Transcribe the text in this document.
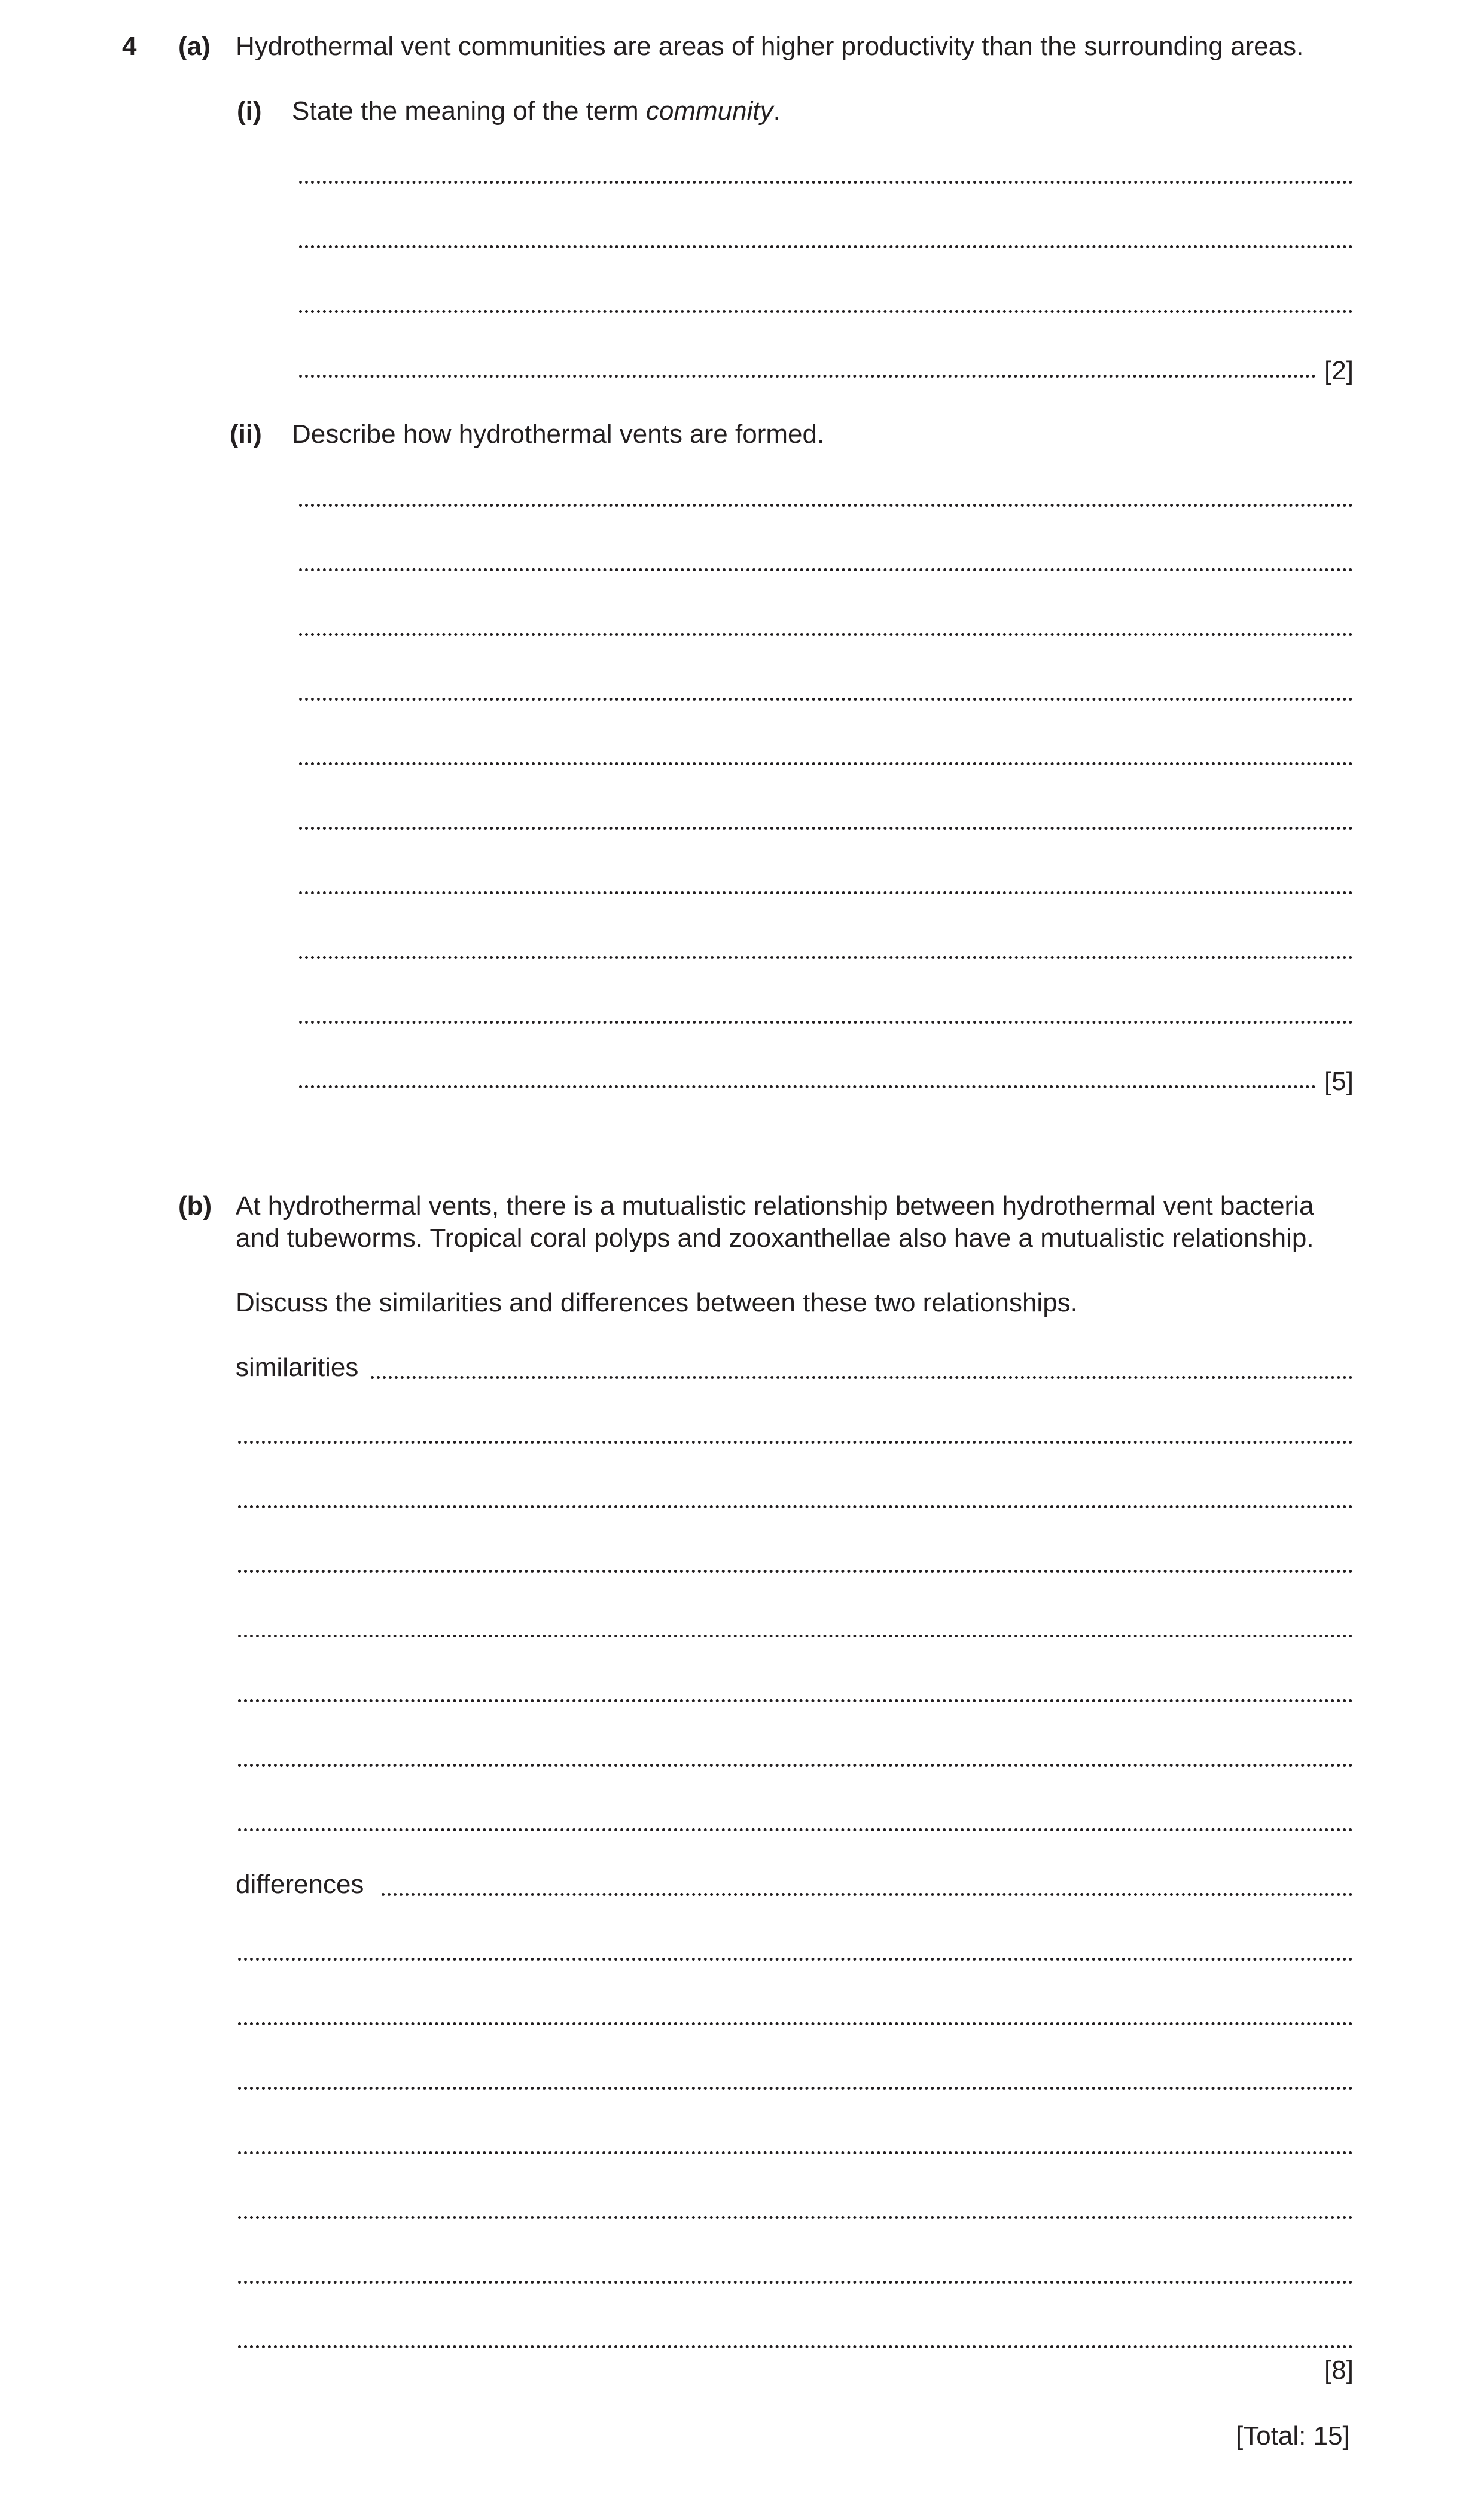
4 (a) Hydrothermal vent communities are areas of higher productivity than the surrounding areas.
(i) State the meaning of the term community.
[2]
(ii) Describe how hydrothermal vents are formed.
[5]
(b) At hydrothermal vents, there is a mutualistic relationship between hydrothermal vent bacteria
and tubeworms. Tropical coral polyps and zooxanthellae also have a mutualistic relationship.
Discuss the similarities and differences between these two relationships.
similarities
differences
[8]
[Total: 15]
